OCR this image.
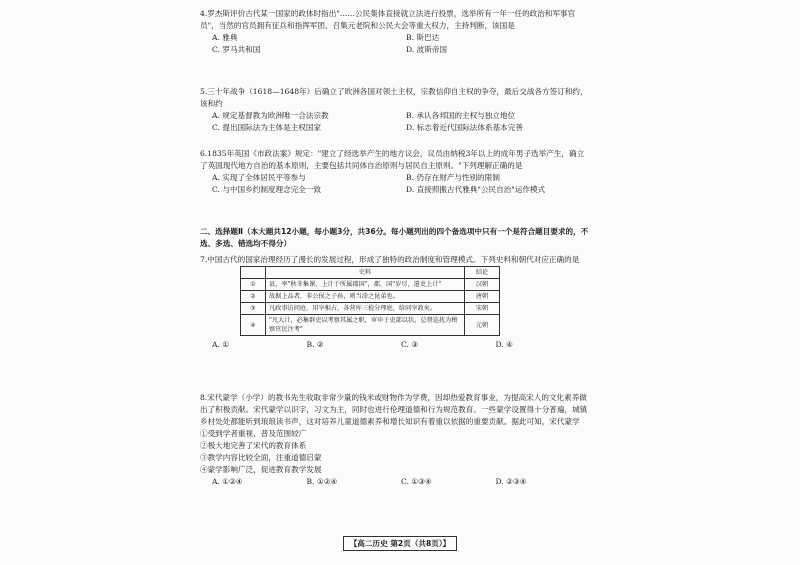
4.罗杰斯评价古代某一国家的政体时指出"……公民集体直接就立法进行投票，选举所有一年一任的政治和军事官员"，当然的官员拥有征兵和指挥军团，召集元老院和公民大会等重大权力，主持判断，该国是

A. 雅典	B. 斯巴达
C. 罗马共和国	D. 波斯帝国

5.三十年战争（1618—1648年）后确立了欧洲各国对领土主权，宗教信仰自主权的争夺，最后交战各方签订和约，该和约

A. 规定基督教为欧洲唯一合法宗教	B. 承认各邦国的主权与独立地位
C. 提出国际法为主体是主权国家	D. 标志着近代国际法体系基本完善

6.1835年英国《市政法案》规定："建立了经选举产生的地方议会，议员由纳税3年以上的成年男子选举产生，确立了英国现代地方自治的基本原则，主要包括共同体自治原则与居民自主原则。"下列理解正确的是

A. 实现了全体居民平等参与	B. 仍存在财产与性别的限制
C. 与中国乡约制度理念完全一致	D. 直接照搬古代雅典"公民自治"运作模式
二、选择题Ⅱ（本大题共12小题，每小题3分，共36分。每小题列出的四个备选项中只有一个是符合题目要求的，不选、多选、错选均不得分）

7.中国古代的国家治理经历了漫长的发展过程，形成了独特的政治制度和管理模式。下列史料和朝代对应正确的是

	史料	结论
①	县，率"秋冬集课，上计于所属郡国"，郡，国"岁尽，遣吏上计"	汉朝
②	故据上品者，非公侯之子孙，则当涂之昆弟也。	唐朝
③	凡政事访问庭，用宰相占，各营库三检分理庭，给同宰政矣。	宋朝
④	"凡大计，必集群吏以考察其属之职，审申于吏部以状，总督巡抚为稽察官民注考"	元朝
A. ①	B. ②	C. ③	D. ④

8.宋代蒙学（小学）的教书先生收取非常少量的钱米或财物作为学费，因却热爱教育事业，为提高宋人的文化素养做出了积极贡献。宋代蒙学以识字，习文为主，同时也进行伦理道德和行为规范教育。一些蒙学设置得十分普遍，城镇乡村处处都能听到琅琅读书声，这对培养儿童道德素养和增长知识有着重以依据的重要贡献。据此可知，宋代蒙学

①受到学者重视，普及范围较广

②极大地完善了宋代的教育体系

③教学内容比较全面，注重道德启蒙

④蒙学影响广泛，促进教育教学发展

A. ①②④	B. ①②④	C. ①③④	D. ②③④
【高二历史 第2页（共8页）】
